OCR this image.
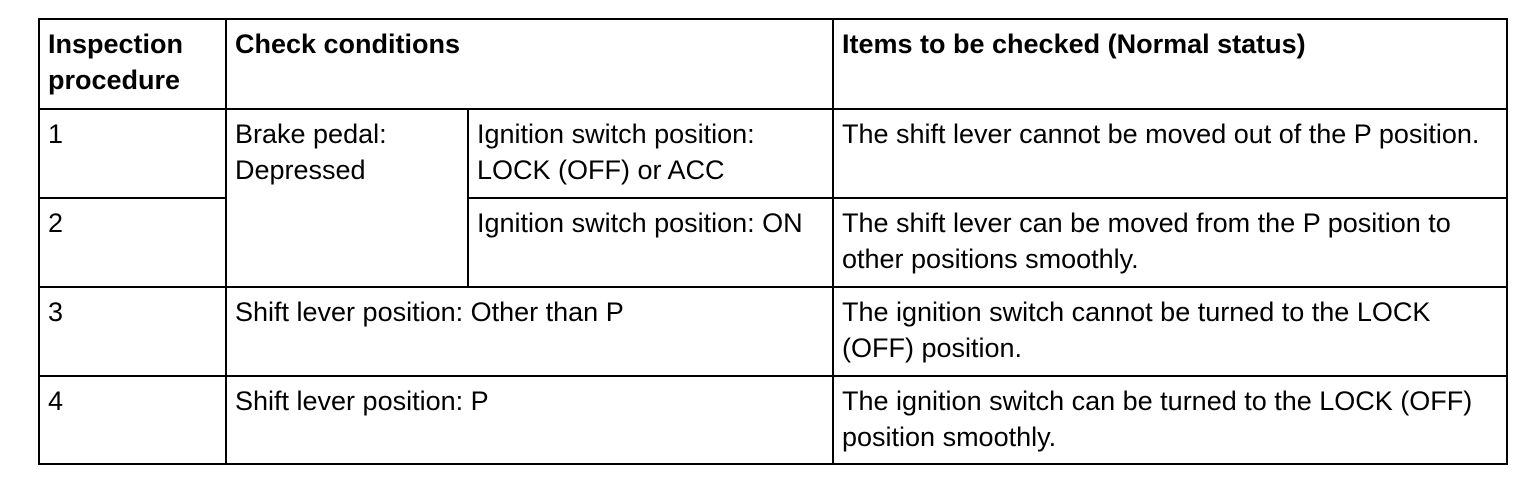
Inspection procedure	Check conditions		Items to be checked (Normal status)
1	Brake pedal: Depressed	Ignition switch position: LOCK (OFF) or ACC	The shift lever cannot be moved out of the P position.
2		Ignition switch position: ON	The shift lever can be moved from the P position to other positions smoothly.
3	Shift lever position: Other than P		The ignition switch cannot be turned to the LOCK (OFF) position.
4	Shift lever position: P		The ignition switch can be turned to the LOCK (OFF) position smoothly.
